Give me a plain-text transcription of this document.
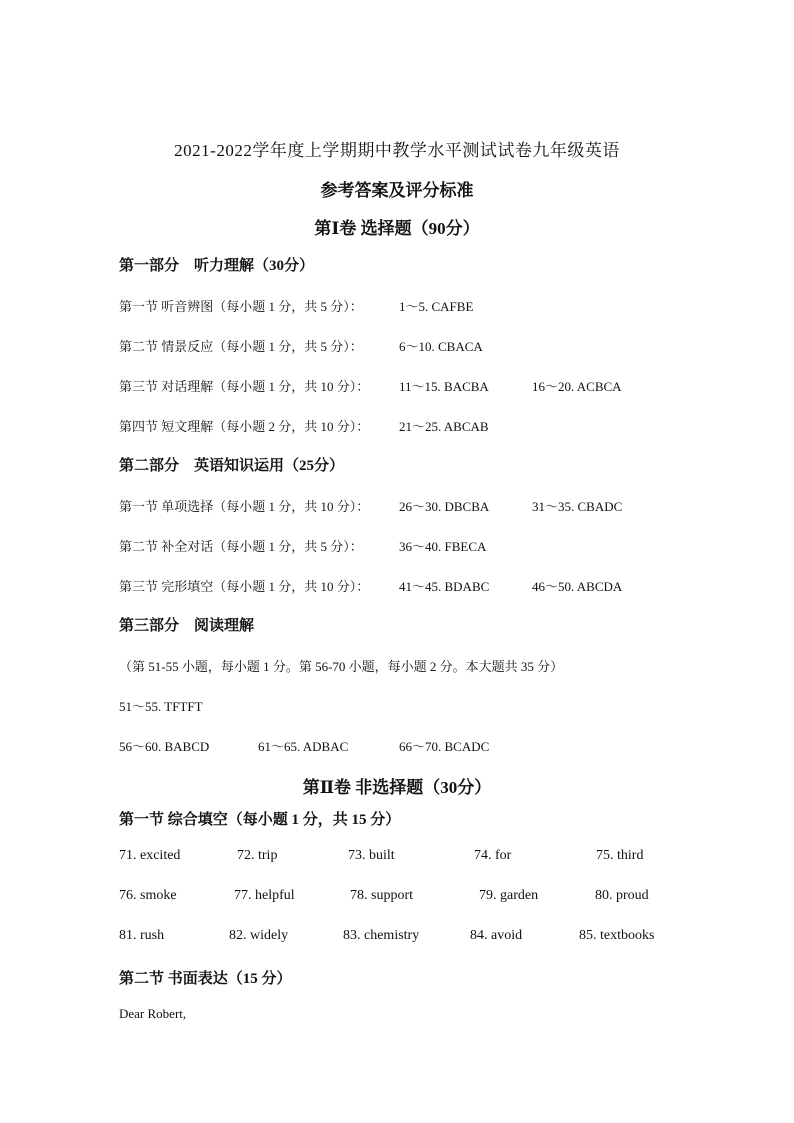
2021-2022学年度上学期期中教学水平测试试卷九年级英语
参考答案及评分标准
第Ⅰ卷 选择题（90分）
第一部分　听力理解（30分）
第一节 听音辨图（每小题 1 分，共 5 分）：	1～5. CAFBE
第二节 情景反应（每小题 1 分，共 5 分）：	6～10. CBACA
第三节 对话理解（每小题 1 分，共 10 分）： 11～15. BACBA	16～20. ACBCA
第四节 短文理解（每小题 2 分，共 10 分）： 21～25. ABCAB
第二部分　英语知识运用（25分）
第一节 单项选择（每小题 1 分，共 10 分）： 26～30. DBCBA	31～35. CBADC
第二节 补全对话（每小题 1 分，共 5 分）：	36～40. FBECA
第三节 完形填空（每小题 1 分，共 10 分）： 41～45. BDABC	46～50. ABCDA
第三部分　阅读理解
（第 51-55 小题，每小题 1 分。第 56-70 小题，每小题 2 分。本大题共 35 分）
51～55. TFTFT
56～60. BABCD	61～65. ADBAC	66～70. BCADC
第Ⅱ卷 非选择题（30分）
第一节 综合填空（每小题 1 分，共 15 分）
71. excited	72. trip	73. built	74. for	75. third
76. smoke	77. helpful	78. support	79. garden	80. proud
81. rush	82. widely	83. chemistry	84. avoid	85. textbooks
第二节 书面表达（15 分）
Dear Robert,
